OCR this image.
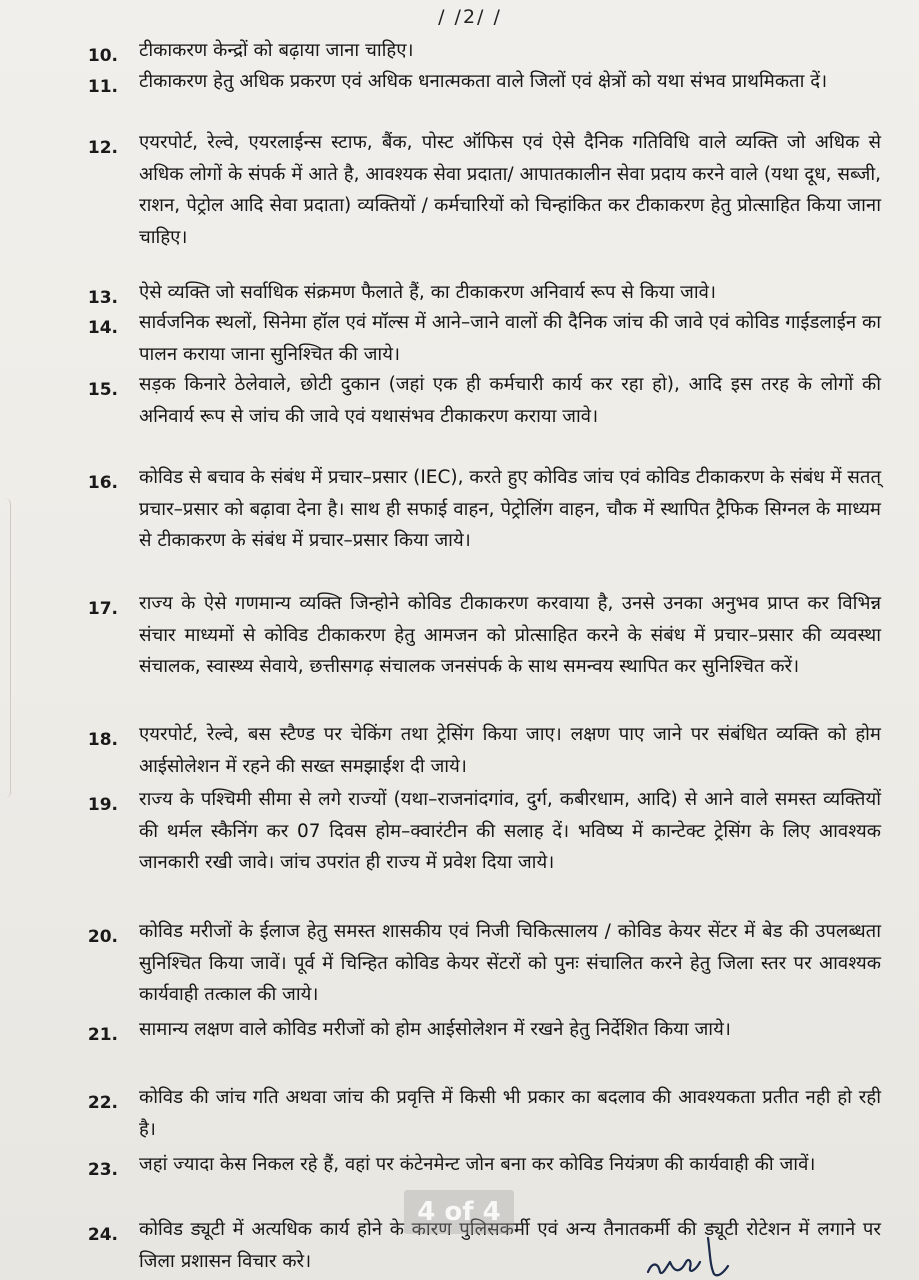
/ /2/ /
10. टीकाकरण केन्द्रों को बढ़ाया जाना चाहिए।
11. टीकाकरण हेतु अधिक प्रकरण एवं अधिक धनात्मकता वाले जिलों एवं क्षेत्रों को यथा संभव प्राथमिकता दें।
12. एयरपोर्ट, रेल्वे, एयरलाईन्स स्टाफ, बैंक, पोस्ट ऑफिस एवं ऐसे दैनिक गतिविधि वाले व्यक्ति जो अधिक से अधिक लोगों के संपर्क में आते है, आवश्यक सेवा प्रदाता/ आपातकालीन सेवा प्रदाय करने वाले (यथा दूध, सब्जी, राशन, पेट्रोल आदि सेवा प्रदाता) व्यक्तियों / कर्मचारियों को चिन्हांकित कर टीकाकरण हेतु प्रोत्साहित किया जाना चाहिए।
13. ऐसे व्यक्ति जो सर्वाधिक संक्रमण फैलाते हैं, का टीकाकरण अनिवार्य रूप से किया जावे।
14. सार्वजनिक स्थलों, सिनेमा हॉल एवं मॉल्स में आने–जाने वालों की दैनिक जांच की जावे एवं कोविड गाईडलाईन का पालन कराया जाना सुनिश्चित की जाये।
15. सड़क किनारे ठेलेवाले, छोटी दुकान (जहां एक ही कर्मचारी कार्य कर रहा हो), आदि इस तरह के लोगों की अनिवार्य रूप से जांच की जावे एवं यथासंभव टीकाकरण कराया जावे।
16. कोविड से बचाव के संबंध में प्रचार–प्रसार (IEC), करते हुए कोविड जांच एवं कोविड टीकाकरण के संबंध में सतत् प्रचार–प्रसार को बढ़ावा देना है। साथ ही सफाई वाहन, पेट्रोलिंग वाहन, चौक में स्थापित ट्रैफिक सिग्नल के माध्यम से टीकाकरण के संबंध में प्रचार–प्रसार किया जाये।
17. राज्य के ऐसे गणमान्य व्यक्ति जिन्होने कोविड टीकाकरण करवाया है, उनसे उनका अनुभव प्राप्त कर विभिन्न संचार माध्यमों से कोविड टीकाकरण हेतु आमजन को प्रोत्साहित करने के संबंध में प्रचार–प्रसार की व्यवस्था संचालक, स्वास्थ्य सेवाये, छत्तीसगढ़ संचालक जनसंपर्क के साथ समन्वय स्थापित कर सुनिश्चित करें।
18. एयरपोर्ट, रेल्वे, बस स्टैण्ड पर चेकिंग तथा ट्रेसिंग किया जाए। लक्षण पाए जाने पर संबंधित व्यक्ति को होम आईसोलेशन में रहने की सख्त समझाईश दी जाये।
19. राज्य के पश्चिमी सीमा से लगे राज्यों (यथा–राजनांदगांव, दुर्ग, कबीरधाम, आदि) से आने वाले समस्त व्यक्तियों की थर्मल स्कैनिंग कर 07 दिवस होम–क्वारंटीन की सलाह दें। भविष्य में कान्टेक्ट ट्रेसिंग के लिए आवश्यक जानकारी रखी जावे। जांच उपरांत ही राज्य में प्रवेश दिया जाये।
20. कोविड मरीजों के ईलाज हेतु समस्त शासकीय एवं निजी चिकित्सालय / कोविड केयर सेंटर में बेड की उपलब्धता सुनिश्चित किया जावें। पूर्व में चिन्हित कोविड केयर सेंटरों को पुनः संचालित करने हेतु जिला स्तर पर आवश्यक कार्यवाही तत्काल की जाये।
21. सामान्य लक्षण वाले कोविड मरीजों को होम आईसोलेशन में रखने हेतु निर्देशित किया जाये।
22. कोविड की जांच गति अथवा जांच की प्रवृत्ति में किसी भी प्रकार का बदलाव की आवश्यकता प्रतीत नही हो रही है।
23. जहां ज्यादा केस निकल रहे हैं, वहां पर कंटेनमेन्ट जोन बना कर कोविड नियंत्रण की कार्यवाही की जावें।
24. कोविड ड्यूटी में अत्यधिक कार्य होने के कारण पुलिसकर्मी एवं अन्य तैनातकर्मी की ड्यूटी रोटेशन में लगाने पर जिला प्रशासन विचार करे।
4 of 4
